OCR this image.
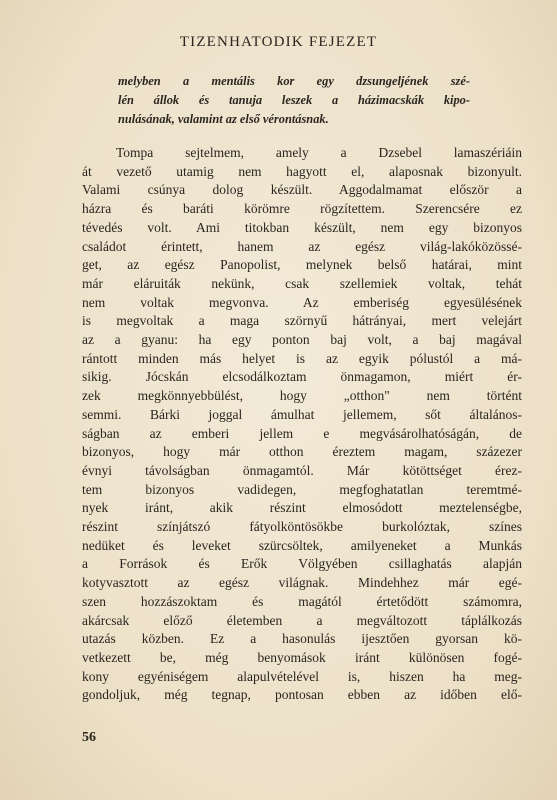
TIZENHATODIK FEJEZET
melyben a mentális kor egy dzsungeljének szé-
lén állok és tanuja leszek a házimacskák kipo-
nulásának, valamint az első vérontásnak.
Tompa sejtelmem, amely a Dzsebel lamaszériáin
át vezető utamig nem hagyott el, alaposnak bizonyult.
Valami csúnya dolog készült. Aggodalmamat először a
házra és baráti körömre rögzítettem. Szerencsére ez
tévedés volt. Ami titokban készült, nem egy bizonyos
családot érintett, hanem az egész világ-lakóközössé-
get, az egész Panopolist, melynek belső határai, mint
már eláruiták nekünk, csak szellemiek voltak, tehát
nem voltak megvonva. Az emberiség egyesülésének
is megvoltak a maga szörnyű hátrányai, mert velejárt
az a gyanu: ha egy ponton baj volt, a baj magával
rántott minden más helyet is az egyik pólustól a má-
sikig. Jócskán elcsodálkoztam önmagamon, miért ér-
zek megkönnyebbülést, hogy „otthon" nem történt
semmi. Bárki joggal ámulhat jellemem, sőt általános-
ságban az emberi jellem e megvásárolhatóságán, de
bizonyos, hogy már otthon éreztem magam, százezer
évnyi távolságban önmagamtól. Már kötöttséget érez-
tem bizonyos vadidegen, megfoghatatlan teremtmé-
nyek iránt, akik részint elmosódott meztelenségbe,
részint színjátszó fátyolköntösökbe burkolóztak, színes
nedüket és leveket szürcsöltek, amilyeneket a Munkás
a Források és Erők Völgyében csillaghatás alapján
kotyvasztott az egész világnak. Mindehhez már egé-
szen hozzászoktam és magától értetődött számomra,
akárcsak előző életemben a megváltozott táplálkozás
utazás közben. Ez a hasonulás ijesztően gyorsan kö-
vetkezett be, még benyomások iránt különösen fogé-
kony egyéniségem alapulvételével is, hiszen ha meg-
gondoljuk, még tegnap, pontosan ebben az időben elő-
56
